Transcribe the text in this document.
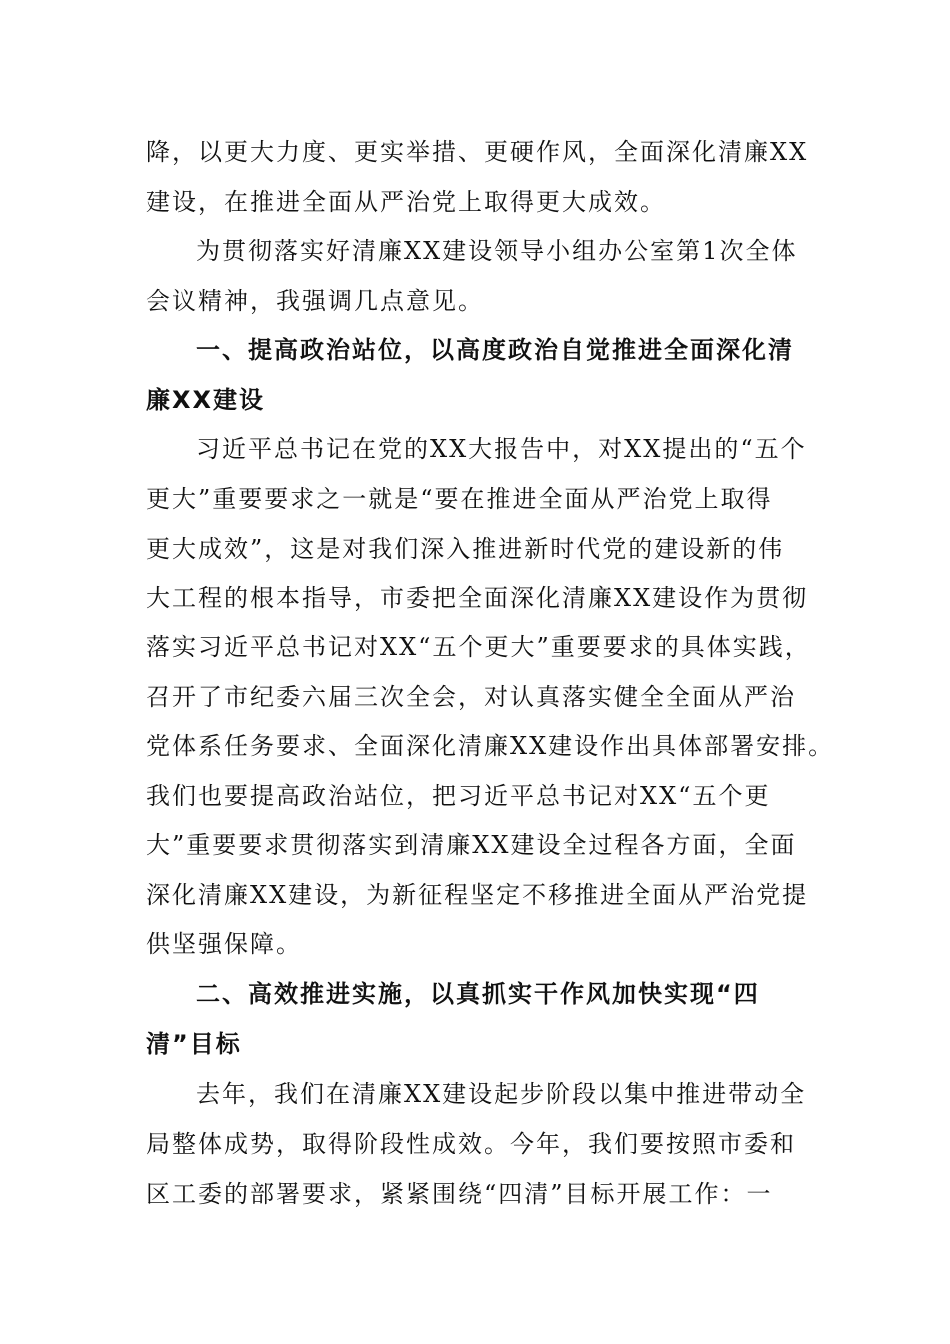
降，以更大力度、更实举措、更硬作风，全面深化清廉XX
建设，在推进全面从严治党上取得更大成效。
为贯彻落实好清廉XX建设领导小组办公室第1次全体
会议精神，我强调几点意见。
一、提高政治站位，以高度政治自觉推进全面深化清
廉XX建设
习近平总书记在党的XX大报告中，对XX提出的“五个
更大”重要要求之一就是“要在推进全面从严治党上取得
更大成效”，这是对我们深入推进新时代党的建设新的伟
大工程的根本指导，市委把全面深化清廉XX建设作为贯彻
落实习近平总书记对XX“五个更大”重要要求的具体实践，
召开了市纪委六届三次全会，对认真落实健全全面从严治
党体系任务要求、全面深化清廉XX建设作出具体部署安排。
我们也要提高政治站位，把习近平总书记对XX“五个更
大”重要要求贯彻落实到清廉XX建设全过程各方面，全面
深化清廉XX建设，为新征程坚定不移推进全面从严治党提
供坚强保障。
二、高效推进实施，以真抓实干作风加快实现“四
清”目标
去年，我们在清廉XX建设起步阶段以集中推进带动全
局整体成势，取得阶段性成效。今年，我们要按照市委和
区工委的部署要求，紧紧围绕“四清”目标开展工作：一
